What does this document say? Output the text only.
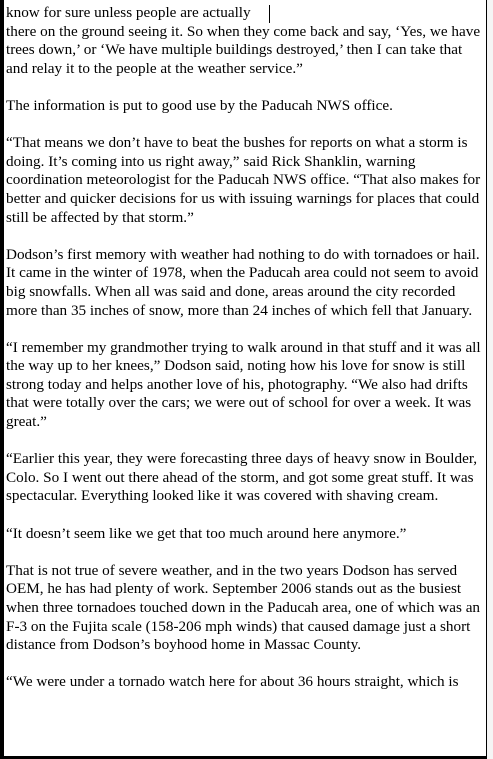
know for sure unless people are actually
there on the ground seeing it. So when they come back and say, ‘Yes, we have trees down,’ or ‘We have multiple buildings destroyed,’ then I can take that and relay it to the people at the weather service.”

The information is put to good use by the Paducah NWS office.

“That means we don’t have to beat the bushes for reports on what a storm is doing. It’s coming into us right away,” said Rick Shanklin, warning coordination meteorologist for the Paducah NWS office. “That also makes for better and quicker decisions for us with issuing warnings for places that could still be affected by that storm.”

Dodson’s first memory with weather had nothing to do with tornadoes or hail. It came in the winter of 1978, when the Paducah area could not seem to avoid big snowfalls. When all was said and done, areas around the city recorded more than 35 inches of snow, more than 24 inches of which fell that January.

“I remember my grandmother trying to walk around in that stuff and it was all the way up to her knees,” Dodson said, noting how his love for snow is still strong today and helps another love of his, photography. “We also had drifts that were totally over the cars; we were out of school for over a week. It was great.”

“Earlier this year, they were forecasting three days of heavy snow in Boulder, Colo. So I went out there ahead of the storm, and got some great stuff. It was spectacular. Everything looked like it was covered with shaving cream.

“It doesn’t seem like we get that too much around here anymore.”

That is not true of severe weather, and in the two years Dodson has served OEM, he has had plenty of work. September 2006 stands out as the busiest when three tornadoes touched down in the Paducah area, one of which was an F-3 on the Fujita scale (158-206 mph winds) that caused damage just a short distance from Dodson’s boyhood home in Massac County.

“We were under a tornado watch here for about 36 hours straight, which is
